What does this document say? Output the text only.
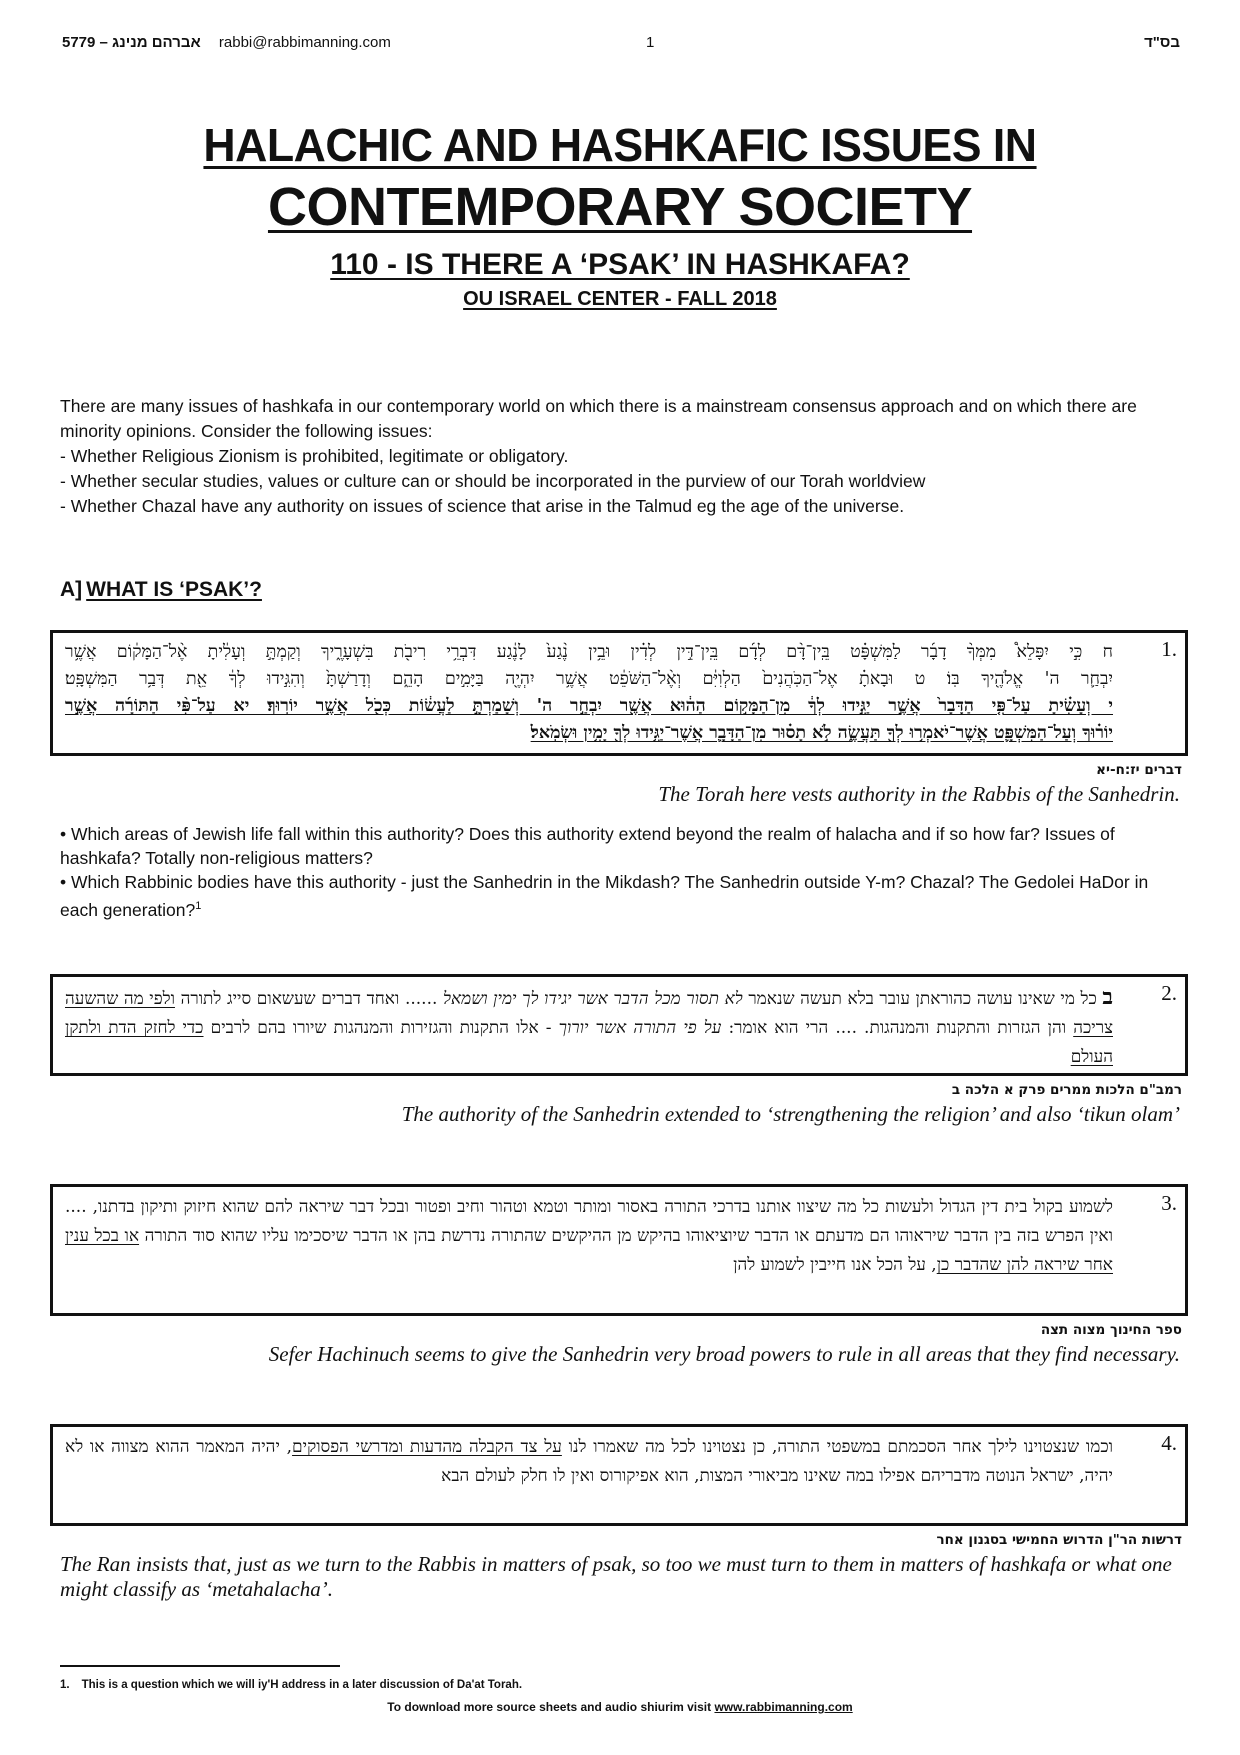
5779 – אברהם מנינג rabbi@rabbimanning.com	1	בס"ד
HALACHIC AND HASHKAFIC ISSUES IN
CONTEMPORARY SOCIETY
110 - IS THERE A ‘PSAK’ IN HASHKAFA?
OU ISRAEL CENTER - FALL 2018

There are many issues of hashkafa in our contemporary world on which there is a mainstream consensus approach and on which there are minority opinions. Consider the following issues:

- Whether Religious Zionism is prohibited, legitimate or obligatory.

- Whether secular studies, values or culture can or should be incorporated in the purview of our Torah worldview

- Whether Chazal have any authority on issues of science that arise in the Talmud eg the age of the universe.

A] WHAT IS ‘PSAK’?
1.
ח כִּ֣י יִפָּלֵא֩ מִמְּךָ֨ דָבָ֜ר לַמִּשְׁפָּ֗ט בֵּֽין־דָּ֨ם לְדָ֜ם בֵּֽין־דִּ֣ין לְדִ֗ין וּבֵ֥ין נֶ֨גַע֙ לָנֶ֔גַע דִּבְרֵ֥י רִיבֹ֖ת בִּשְׁעָרֶ֑יךָ וְקַמְתָּ֣ וְעָלִ֔יתָ אֶ֨ל־הַמָּק֔וֹם אֲשֶׁ֥ר
יִבְחַ֛ר ה' אֱלֹהֶ֖יךָ בּֽוֹ׃ ט וּבָאתָ֗ אֶל־הַכֹּֽהֲנִים֙ הַלְוִיִּ֔ם וְאֶ֨ל־הַשֹּׁפֵ֔ט אֲשֶׁ֥ר יִהְיֶ֖ה בַּיָּמִ֣ים הָהֵ֑ם וְדָרַשְׁתָּ֙ וְהִגִּ֣ידוּ לְךָ֔ אֵ֖ת דְּבַ֥ר הַמִּשְׁפָּֽט׃
י וְעָשִׂ֗יתָ עַל־פִּ֤י הַדָּבָר֙ אֲשֶׁ֣ר יַגִּ֣ידוּ לְךָ֔ מִן־הַמָּק֣וֹם הַה֔וּא אֲשֶׁ֖ר יִבְחַ֣ר ה' וְשָׁמַרְתָּ֣ לַעֲשׂ֔וֹת כְּכֹ֖ל אֲשֶׁ֥ר יוֹרֽוּךָ׃ יא עַל־פִּ֨י הַתּוֹרָ֜ה אֲשֶׁ֣ר
יוֹר֗וּךָ וְעַל־הַמִּשְׁפָּ֛ט אֲשֶׁר־יֹאמְר֥וּ לְךָ֖ תַּעֲשֶׂ֑ה לֹ֣א תָס֗וּר מִן־הַדָּבָ֛ר אֲשֶׁר־יַגִּ֥ידוּ לְךָ֖ יָמִ֥ין וּשְׂמֹֽאל׃
דברים יז:ח-יא
The Torah here vests authority in the Rabbis of the Sanhedrin.

• Which areas of Jewish life fall within this authority? Does this authority extend beyond the realm of halacha and if so how far? Issues of hashkafa? Totally non-religious matters?

• Which Rabbinic bodies have this authority - just the Sanhedrin in the Mikdash? The Sanhedrin outside Y-m? Chazal? The Gedolei HaDor in each generation?$^1$

2.
ב כל מי שאינו עושה כהוראתן עובר בלא תעשה שנאמר לא תסור מכל הדבר אשר יגידו לך ימין ושמאל ...... ואחד דברים שעשאום סייג לתורה ולפי מה שהשעה צריכה והן הגזרות והתקנות והמנהגות. .... הרי הוא אומר: על פי התורה אשר יורוך - אלו התקנות והגזירות והמנהגות שיורו בהם לרבים כדי לחזק הדת ולתקן העולם
רמב"ם הלכות ממרים פרק א הלכה ב
The authority of the Sanhedrin extended to ‘strengthening the religion’ and also ‘tikun olam’
3.
לשמוע בקול בית דין הגדול ולעשות כל מה שיצוו אותנו בדרכי התורה באסור ומותר וטמא וטהור וחיב ופטור ובכל דבר שיראה להם שהוא חיזוק ותיקון בדתנו, .... ואין הפרש בזה בין הדבר שיראוהו הם מדעתם או הדבר שיוציאוהו בהיקש מן ההיקשים שהתורה נדרשת בהן או הדבר שיסכימו עליו שהוא סוד התורה או בכל ענין אחר שיראה להן שהדבר כן, על הכל אנו חייבין לשמוע להן
ספר החינוך מצוה תצה
Sefer Hachinuch seems to give the Sanhedrin very broad powers to rule in all areas that they find necessary.
4.
וכמו שנצטוינו לילך אחר הסכמתם במשפטי התורה, כן נצטוינו לכל מה שאמרו לנו על צד הקבלה מהדעות ומדרשי הפסוקים, יהיה המאמר ההוא מצווה או לא יהיה, ישראל הנוטה מדבריהם אפילו במה שאינו מביאורי המצות, הוא אפיקורוס ואין לו חלק לעולם הבא
דרשות הר"ן הדרוש החמישי בסגנון אחר
The Ran insists that, just as we turn to the Rabbis in matters of psak, so too we must turn to them in matters of hashkafa or what one might classify as ‘metahalacha’.
1. This is a question which we will iy'H address in a later discussion of Da'at Torah.
To download more source sheets and audio shiurim visit www.rabbimanning.com
